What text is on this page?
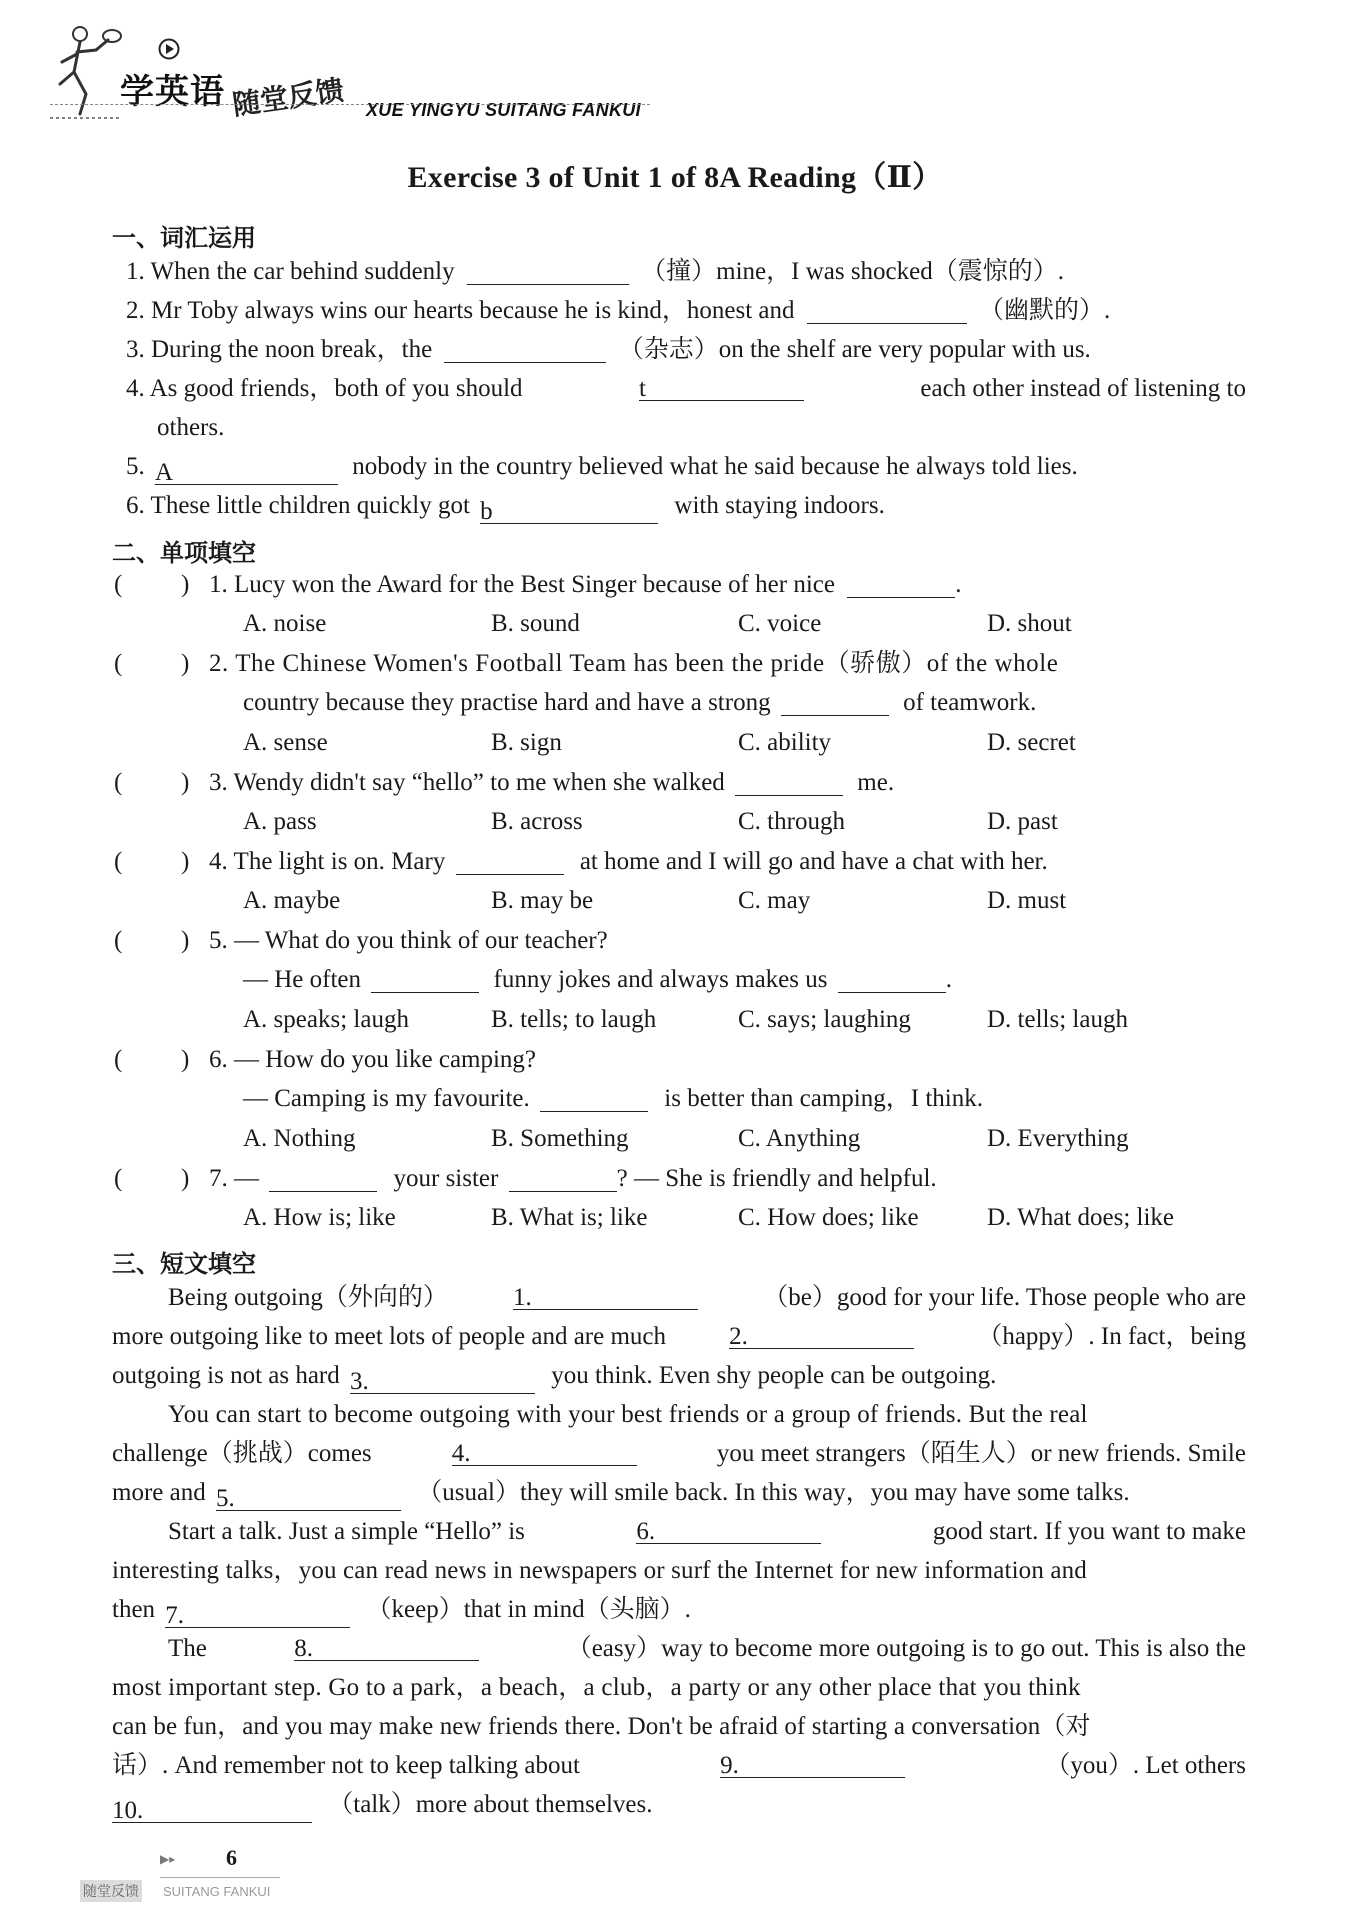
学英语 随堂反馈 XUE YINGYU SUITANG FANKUI
Exercise 3 of Unit 1 of 8A Reading（Ⅱ）
一、词汇运用
1. When the car behind suddenly	（撞）mine，I was shocked（震惊的）.
2. Mr Toby always wins our hearts because he is kind，honest and	（幽默的）.
3. During the noon break，the	（杂志）on the shelf are very popular with us.
4. As good friends，both of you should	t	each other instead of listening to
others.
5. A	nobody in the country believed what he said because he always told lies.
6. These little children quickly got b	with staying indoors.
二、单项填空
( ) 1. Lucy won the Award for the Best Singer because of her nice	.
A. noise	B. sound	C. voice	D. shout
( ) 2. The Chinese Women's Football Team has been the pride（骄傲）of the whole
country because they practise hard and have a strong	of teamwork.
A. sense	B. sign	C. ability	D. secret
( ) 3. Wendy didn't say “hello” to me when she walked	me.
A. pass	B. across	C. through	D. past
( ) 4. The light is on. Mary	at home and I will go and have a chat with her.
A. maybe	B. may be	C. may	D. must
( ) 5. — What do you think of our teacher?
— He often	funny jokes and always makes us	.
A. speaks; laugh	B. tells; to laugh	C. says; laughing	D. tells; laugh
( ) 6. — How do you like camping?
— Camping is my favourite.	is better than camping，I think.
A. Nothing	B. Something	C. Anything	D. Everything
( ) 7. —	your sister	? — She is friendly and helpful.
A. How is; like	B. What is; like	C. How does; like	D. What does; like
三、短文填空
Being outgoing（外向的）	1.	（be）good for your life. Those people who are
more outgoing like to meet lots of people and are much	2.	（happy）. In fact，being
outgoing is not as hard 3.	you think. Even shy people can be outgoing.
You can start to become outgoing with your best friends or a group of friends. But the real
challenge（挑战）comes	4.	you meet strangers（陌生人）or new friends. Smile
more and 5.	（usual）they will smile back. In this way，you may have some talks.
Start a talk. Just a simple “Hello” is	6.	good start. If you want to make
interesting talks，you can read news in newspapers or surf the Internet for new information and
then 7.	（keep）that in mind（头脑）.
The	8.	（easy）way to become more outgoing is to go out. This is also the
most important step. Go to a park，a beach，a club，a party or any other place that you think
can be fun，and you may make new friends there. Don't be afraid of starting a conversation（对
话）. And remember not to keep talking about	9.	（you）. Let others
10.	（talk）more about themselves.
▶▸ 6
随堂反馈 SUITANG FANKUI
